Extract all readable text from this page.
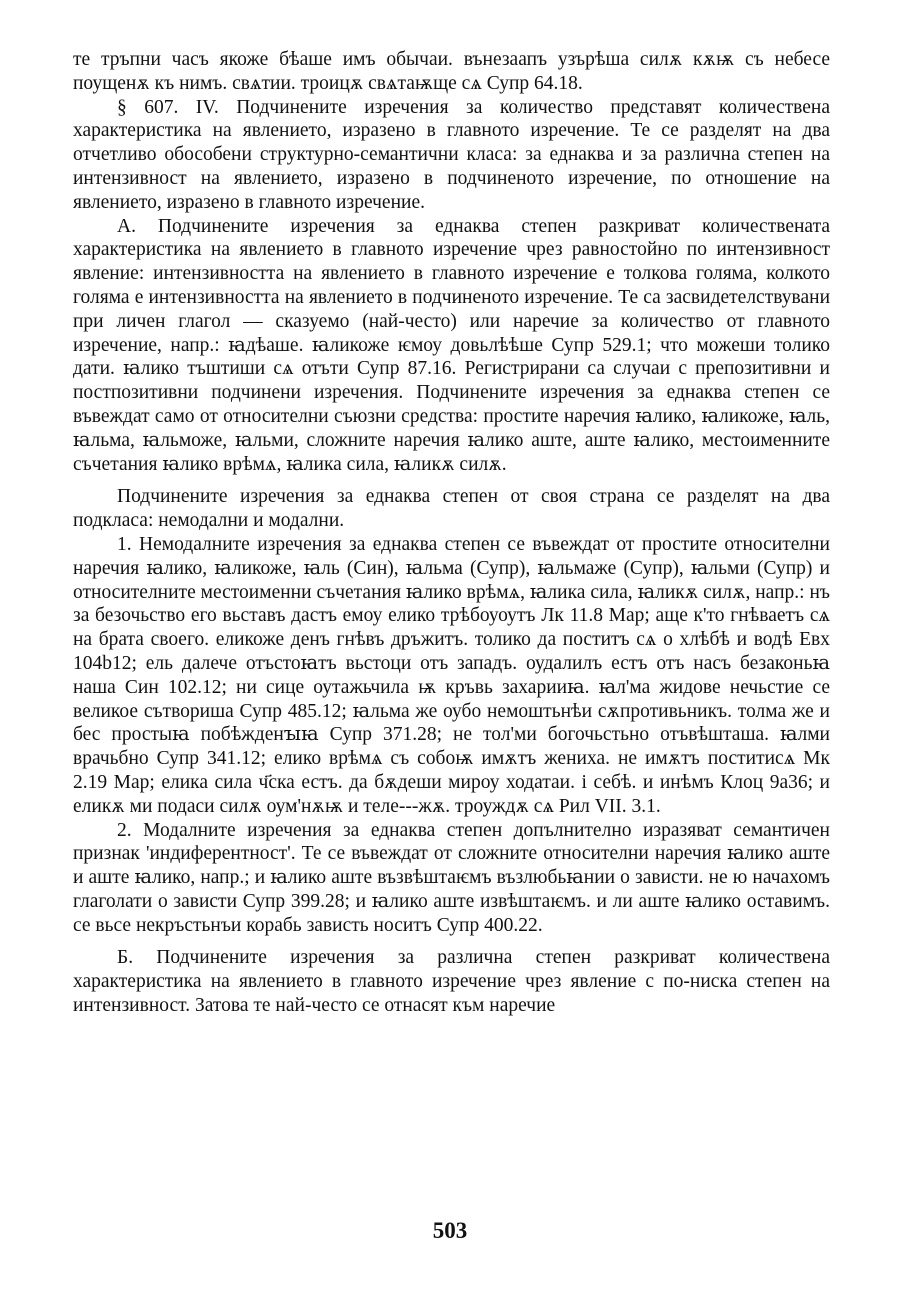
те тръпни часъ якоже бѣаше имъ обычаи. вънезаапъ узърѣша силѫ кѫѭ съ небесе поущенѫ къ нимъ. свѧтии. троицѫ свѧтаѭще сѧ Супр 64.18.

§ 607. IV. Подчинените изречения за количество представят количествена характеристика на явлението, изразено в главното изречение. Те се разделят на два отчетливо обособени структурно-семантични класа: за еднаква и за различна степен на интензивност на явлението, изразено в подчиненото изречение, по отношение на явлението, изразено в главното изречение.

А. Подчинените изречения за еднаква степен разкриват количествената характеристика на явлението в главното изречение чрез равностойно по интензивност явление: интензивността на явлението в главното изречение е толкова голяма, колкото голяма е интензивността на явлението в подчиненото изречение. Те са засвидетелствувани при личен глагол — сказуемо (най-често) или наречие за количество от главното изречение, напр.: ꙗдѣаше. ꙗликоже ѥмоу довьлѣѣше Супр 529.1; что можеши толико дати. ꙗлико тъштиши сѧ отъти Супр 87.16. Регистрирани са случаи с препозитивни и постпозитивни подчинени изречения. Подчинените изречения за еднаква степен се въвеждат само от относителни съюзни средства: простите наречия ꙗлико, ꙗликоже, ꙗль, ꙗльма, ꙗльможе, ꙗльми, сложните наречия ꙗлико аште, аште ꙗлико, местоименните съчетания ꙗлико врѣмѧ, ꙗлика сила, ꙗликѫ силѫ.

Подчинените изречения за еднаква степен от своя страна се разделят на два подкласа: немодални и модални.

1. Немодалните изречения за еднаква степен се въвеждат от простите относителни наречия ꙗлико, ꙗликоже, ꙗль (Син), ꙗльма (Супр), ꙗльмаже (Супр), ꙗльми (Супр) и относителните местоименни съчетания ꙗлико врѣмѧ, ꙗлика сила, ꙗликѫ силѫ, напр.: нъ за безочьство его вьставъ дастъ емоу елико трѣбоуоутъ Лк 11.8 Мар; аще к'то гнѣваетъ сѧ на брата своего. еликоже денъ гнѣвъ дръжитъ. толико да поститъ сѧ о хлѣбѣ и водѣ Евх 104b12; ель далече отъстоꙗтъ вьстоци отъ западъ. оудалилъ естъ отъ насъ безаконьꙗ наша Син 102.12; ни сице оутажьчила ѭ кръвь захарииꙗ. ꙗл'ма жидове нечьстие се великое сътвориша Супр 485.12; ꙗльма же оубо немоштьнѣи сѫпротивьникъ. толма же и бес простыꙗ побѣжденꙑꙗ Супр 371.28; не тол'ми богочьстьно отъвѣшташа. ꙗлми врачьбно Супр 341.12; елико врѣмѧ съ собоѭ имѫтъ жениха. не имѫтъ поститисѧ Мк 2.19 Мар; елика сила ч҃ска естъ. да бѫдеши мироу ходатаи. і себѣ. и инѣмъ Клоц 9а36; и еликѫ ми подаси силѫ оум'нѫѭ и теле---жѫ. троуждѫ сѧ Рил VII. 3.1.

2. Модалните изречения за еднаква степен допълнително изразяват семантичен признак 'индиферентност'. Те се въвеждат от сложните относителни наречия ꙗлико аште и аште ꙗлико, напр.; и ꙗлико аште възвѣштаѥмъ възлюбьꙗнии о зависти. не ю начахомъ глаголати о зависти Супр 399.28; и ꙗлико аште извѣштаѥмъ. и ли аште ꙗлико оставимъ. се вьсе некръстьнъи корабь зависть носитъ Супр 400.22.

Б. Подчинените изречения за различна степен разкриват количествена характеристика на явлението в главното изречение чрез явление с по-ниска степен на интензивност. Затова те най-често се отнасят към наречие

503
